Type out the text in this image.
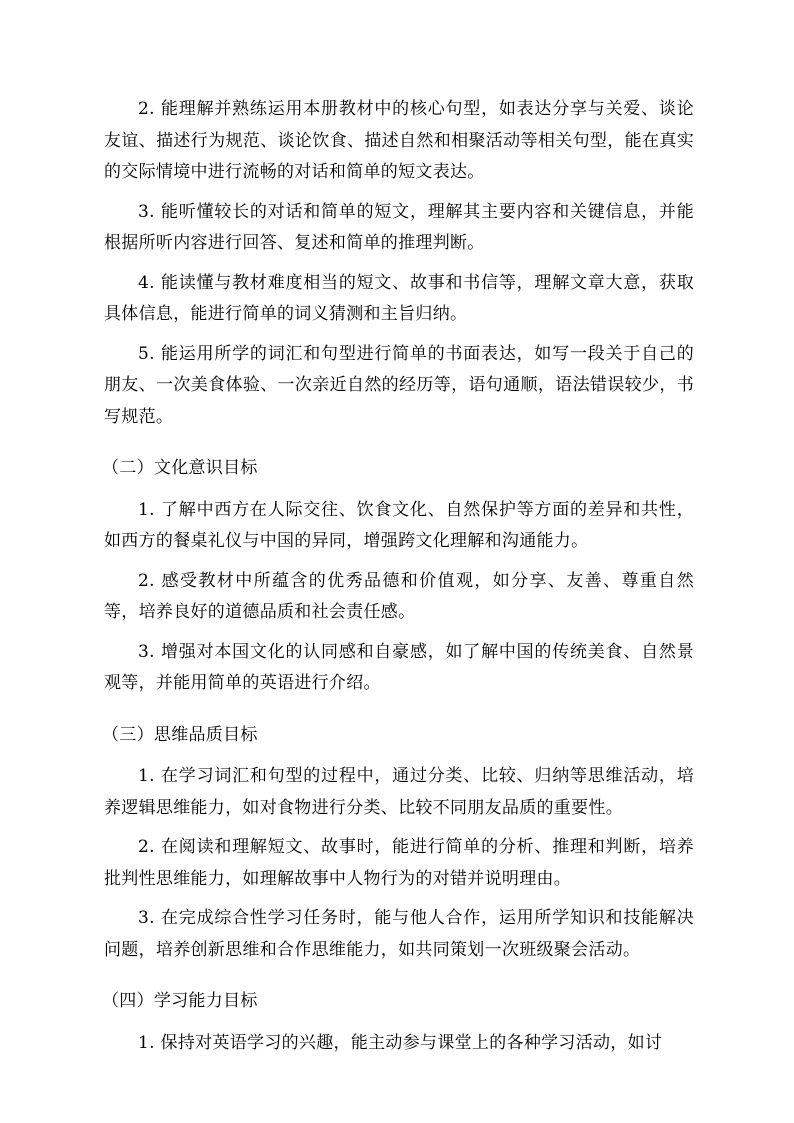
2. 能理解并熟练运用本册教材中的核心句型，如表达分享与关爱、谈论友谊、描述行为规范、谈论饮食、描述自然和相聚活动等相关句型，能在真实的交际情境中进行流畅的对话和简单的短文表达。

3. 能听懂较长的对话和简单的短文，理解其主要内容和关键信息，并能根据所听内容进行回答、复述和简单的推理判断。

4. 能读懂与教材难度相当的短文、故事和书信等，理解文章大意，获取具体信息，能进行简单的词义猜测和主旨归纳。

5. 能运用所学的词汇和句型进行简单的书面表达，如写一段关于自己的朋友、一次美食体验、一次亲近自然的经历等，语句通顺，语法错误较少，书写规范。

（二）文化意识目标

1. 了解中西方在人际交往、饮食文化、自然保护等方面的差异和共性，如西方的餐桌礼仪与中国的异同，增强跨文化理解和沟通能力。

2. 感受教材中所蕴含的优秀品德和价值观，如分享、友善、尊重自然等，培养良好的道德品质和社会责任感。

3. 增强对本国文化的认同感和自豪感，如了解中国的传统美食、自然景观等，并能用简单的英语进行介绍。

（三）思维品质目标

1. 在学习词汇和句型的过程中，通过分类、比较、归纳等思维活动，培养逻辑思维能力，如对食物进行分类、比较不同朋友品质的重要性。

2. 在阅读和理解短文、故事时，能进行简单的分析、推理和判断，培养批判性思维能力，如理解故事中人物行为的对错并说明理由。

3. 在完成综合性学习任务时，能与他人合作，运用所学知识和技能解决问题，培养创新思维和合作思维能力，如共同策划一次班级聚会活动。

（四）学习能力目标

1. 保持对英语学习的兴趣，能主动参与课堂上的各种学习活动，如讨
